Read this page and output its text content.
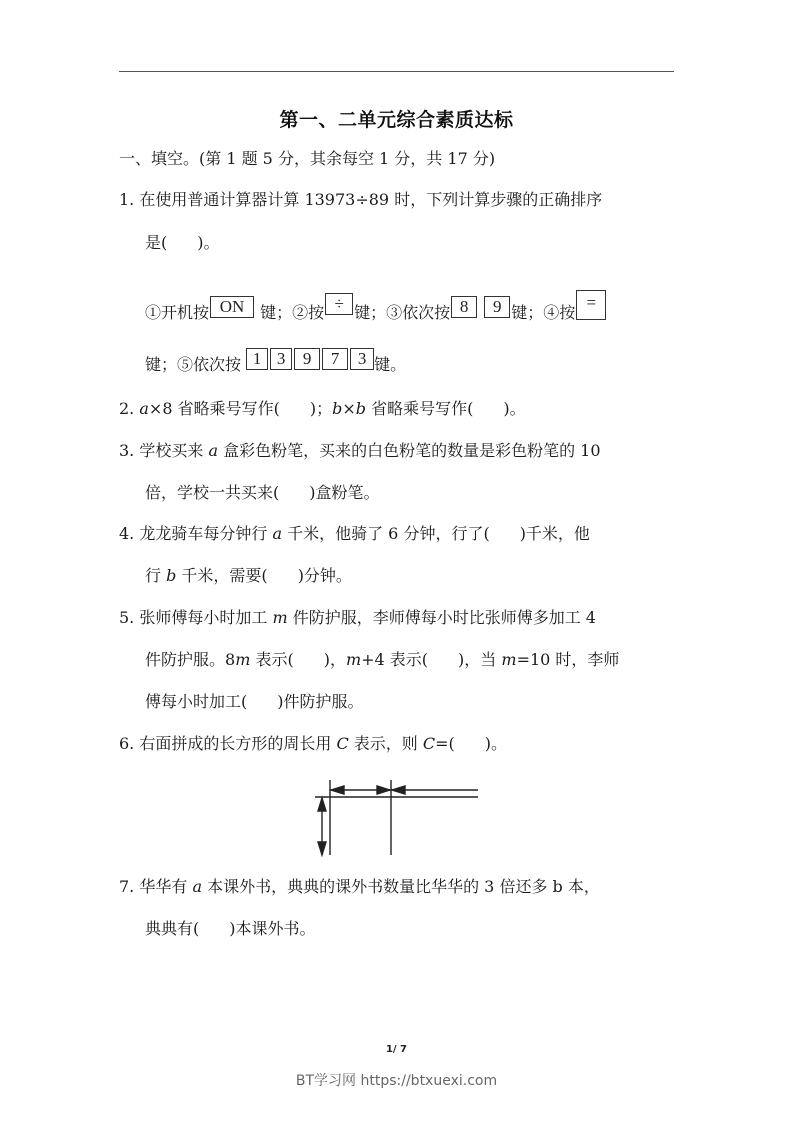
第一、二单元综合素质达标
一、填空。(第 1 题 5 分，其余每空 1 分，共 17 分)
1. 在使用普通计算器计算 13973÷89 时，下列计算步骤的正确排序
是( )。
①开机按 ON 键；②按 ÷ 键；③依次按 8 9 键；④按=
键；⑤依次按 1 3 9 7 3 键。
2. a×8 省略乘号写作( )；b×b 省略乘号写作( )。
3. 学校买来 a 盒彩色粉笔，买来的白色粉笔的数量是彩色粉笔的 10
倍，学校一共买来( )盒粉笔。
4. 龙龙骑车每分钟行 a 千米，他骑了 6 分钟，行了( )千米，他
行 b 千米，需要( )分钟。
5. 张师傅每小时加工 m 件防护服，李师傅每小时比张师傅多加工 4
件防护服。8m 表示( )，m+4 表示( )，当 m=10 时，李师
傅每小时加工( )件防护服。
6. 右面拼成的长方形的周长用 C 表示，则 C=( )。
7. 华华有 a 本课外书，典典的课外书数量比华华的 3 倍还多 b 本，
典典有( )本课外书。
1/ 7
BT学习网 https://btxuexi.com
